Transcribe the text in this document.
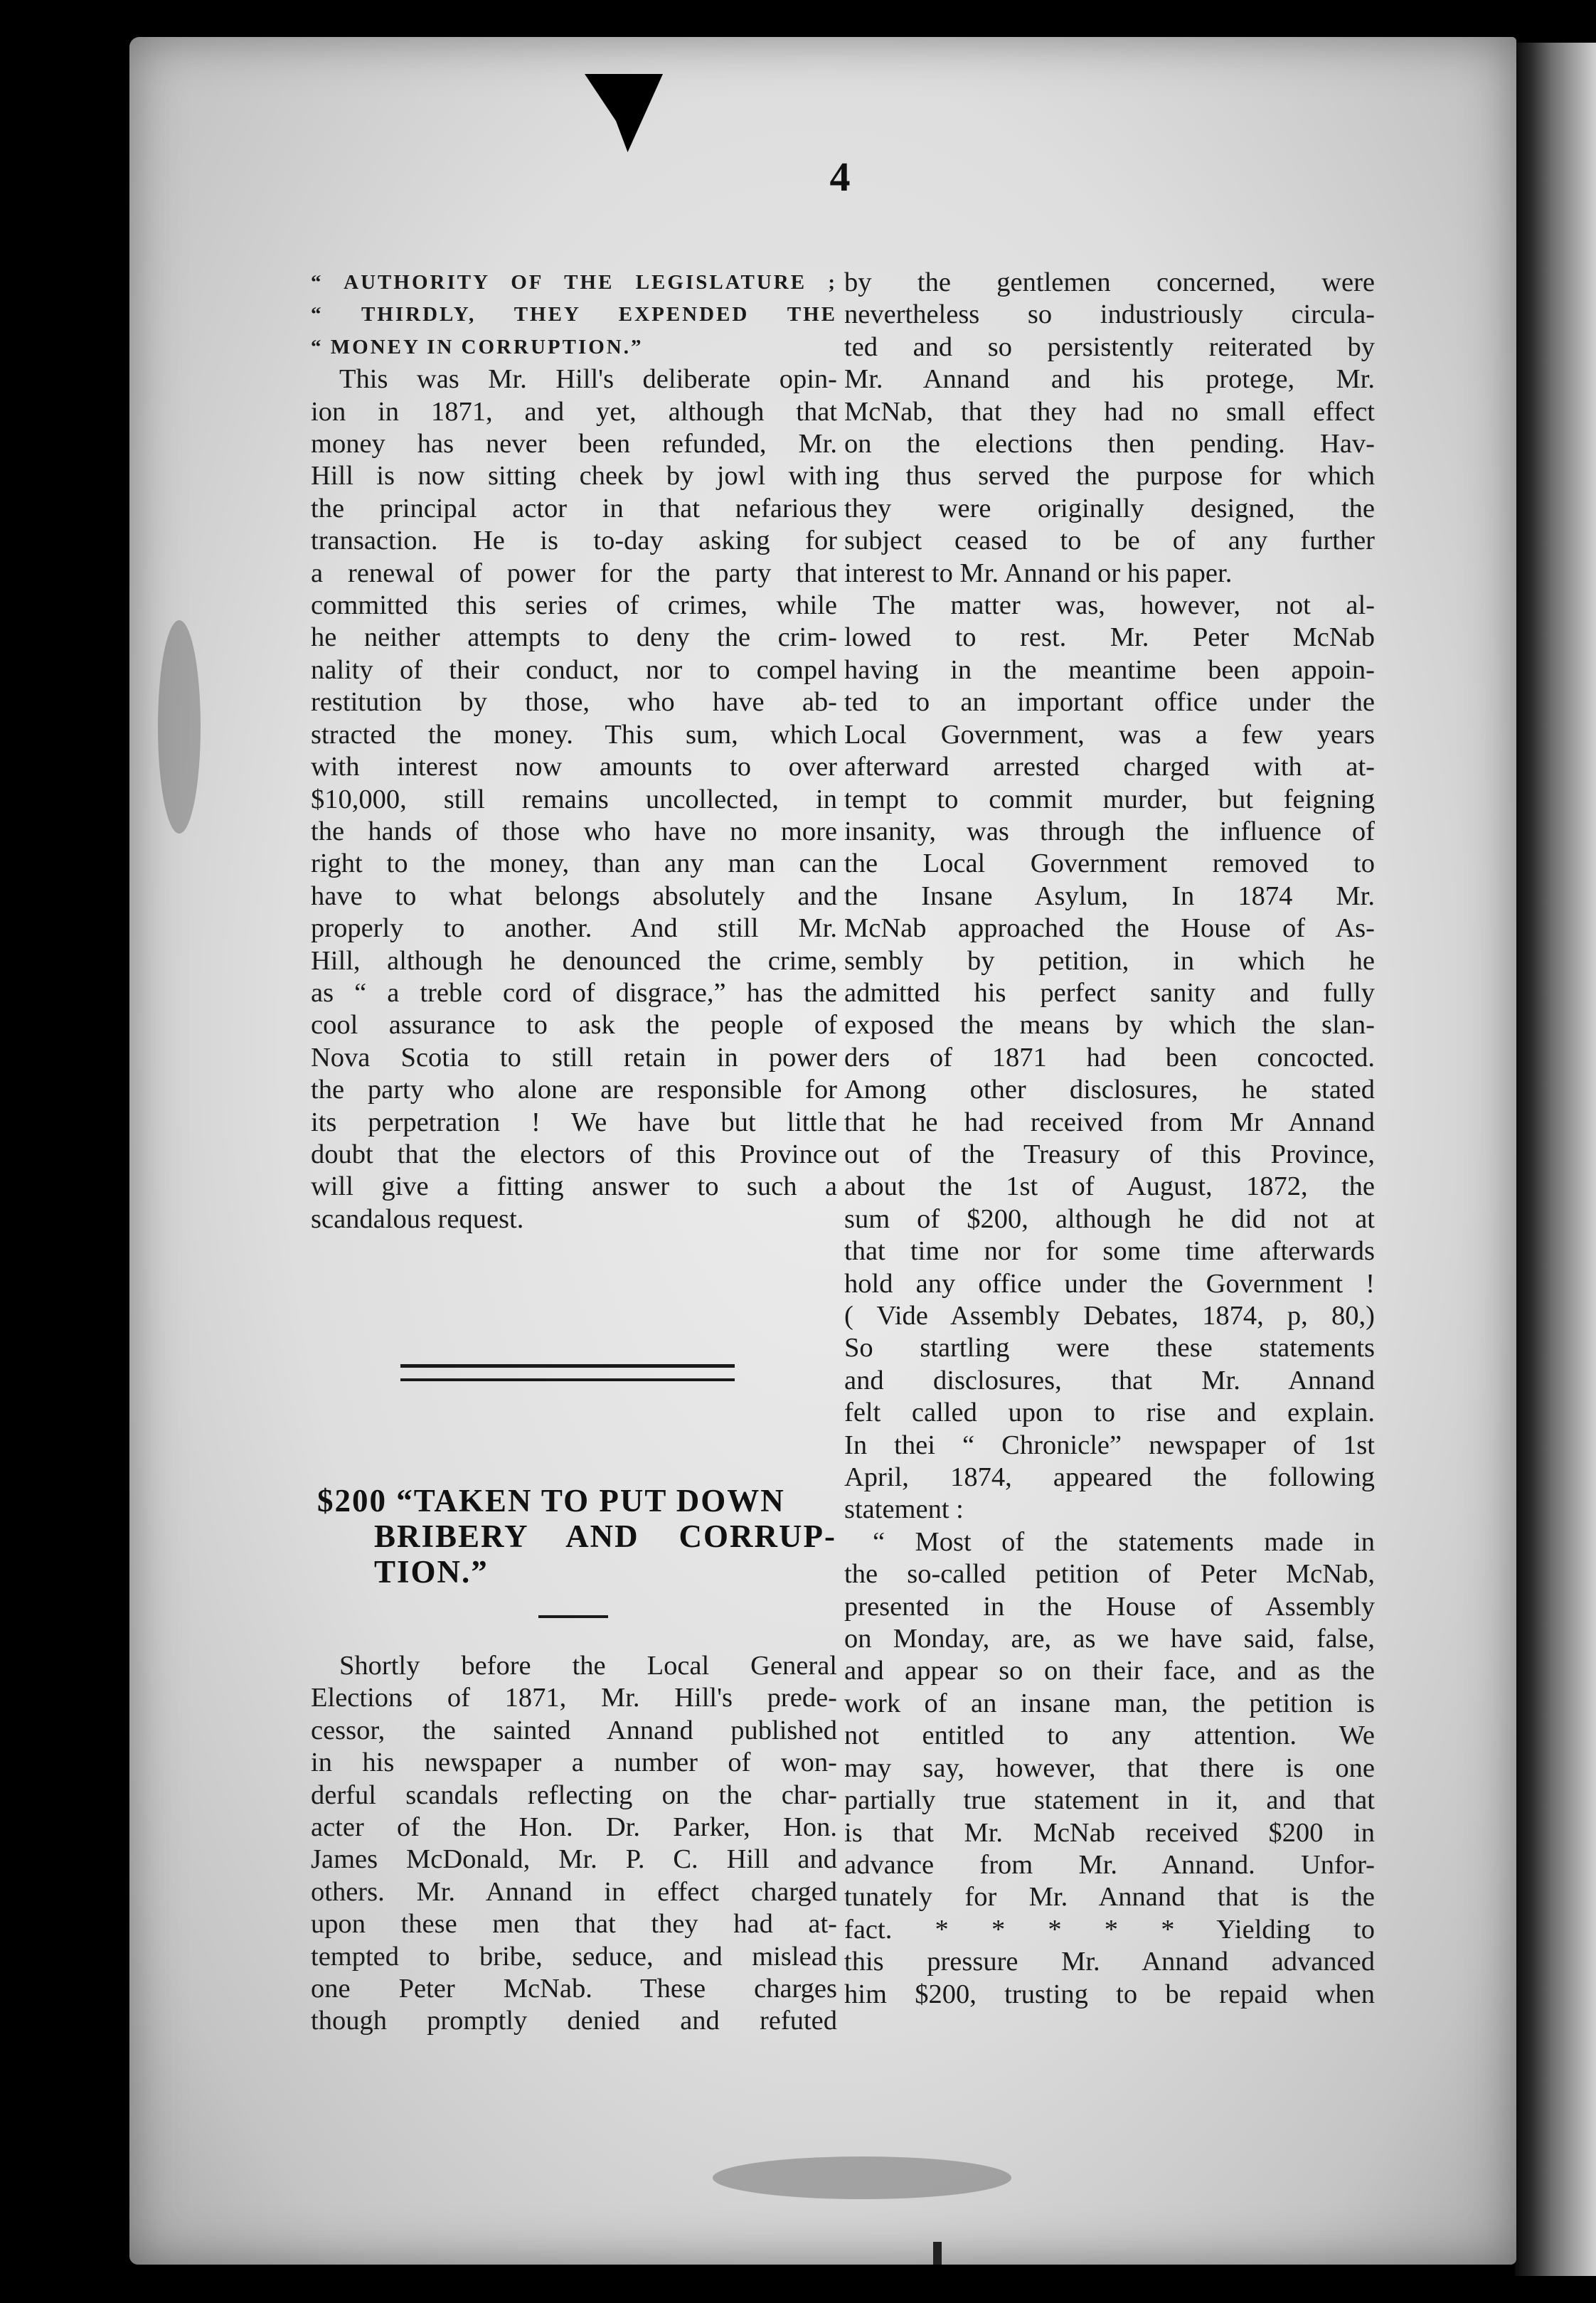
4
“ AUTHORITY OF THE LEGISLATURE ;
“ THIRDLY, THEY EXPENDED THE
“ MONEY IN CORRUPTION.”
This was Mr. Hill's deliberate opin-
ion in 1871, and yet, although that
money has never been refunded, Mr.
Hill is now sitting cheek by jowl with
the principal actor in that nefarious
transaction. He is to-day asking for
a renewal of power for the party that
committed this series of crimes, while
he neither attempts to deny the crim-
nality of their conduct, nor to compel
restitution by those, who have ab-
stracted the money. This sum, which
with interest now amounts to over
$10,000, still remains uncollected, in
the hands of those who have no more
right to the money, than any man can
have to what belongs absolutely and
properly to another. And still Mr.
Hill, although he denounced the crime,
as “ a treble cord of disgrace,” has the
cool assurance to ask the people of
Nova Scotia to still retain in power
the party who alone are responsible for
its perpetration ! We have but little
doubt that the electors of this Province
will give a fitting answer to such a
scandalous request.
$200 “TAKEN TO PUT DOWN
BRIBERY AND CORRUP-
TION.”
Shortly before the Local General
Elections of 1871, Mr. Hill's prede-
cessor, the sainted Annand published
in his newspaper a number of won-
derful scandals reflecting on the char-
acter of the Hon. Dr. Parker, Hon.
James McDonald, Mr. P. C. Hill and
others. Mr. Annand in effect charged
upon these men that they had at-
tempted to bribe, seduce, and mislead
one Peter McNab. These charges
though promptly denied and refuted
by the gentlemen concerned, were
nevertheless so industriously circula-
ted and so persistently reiterated by
Mr. Annand and his protege, Mr.
McNab, that they had no small effect
on the elections then pending. Hav-
ing thus served the purpose for which
they were originally designed, the
subject ceased to be of any further
interest to Mr. Annand or his paper.
The matter was, however, not al-
lowed to rest. Mr. Peter McNab
having in the meantime been appoin-
ted to an important office under the
Local Government, was a few years
afterward arrested charged with at-
tempt to commit murder, but feigning
insanity, was through the influence of
the Local Government removed to
the Insane Asylum, In 1874 Mr.
McNab approached the House of As-
sembly by petition, in which he
admitted his perfect sanity and fully
exposed the means by which the slan-
ders of 1871 had been concocted.
Among other disclosures, he stated
that he had received from Mr Annand
out of the Treasury of this Province,
about the 1st of August, 1872, the
sum of $200, although he did not at
that time nor for some time afterwards
hold any office under the Government !
( Vide Assembly Debates, 1874, p, 80,)
So startling were these statements
and disclosures, that Mr. Annand
felt called upon to rise and explain.
In thei “ Chronicle” newspaper of 1st
April, 1874, appeared the following
statement :
“ Most of the statements made in
the so-called petition of Peter McNab,
presented in the House of Assembly
on Monday, are, as we have said, false,
and appear so on their face, and as the
work of an insane man, the petition is
not entitled to any attention. We
may say, however, that there is one
partially true statement in it, and that
is that Mr. McNab received $200 in
advance from Mr. Annand. Unfor-
tunately for Mr. Annand that is the
fact. * * * * * Yielding to
this pressure Mr. Annand advanced
him $200, trusting to be repaid when
